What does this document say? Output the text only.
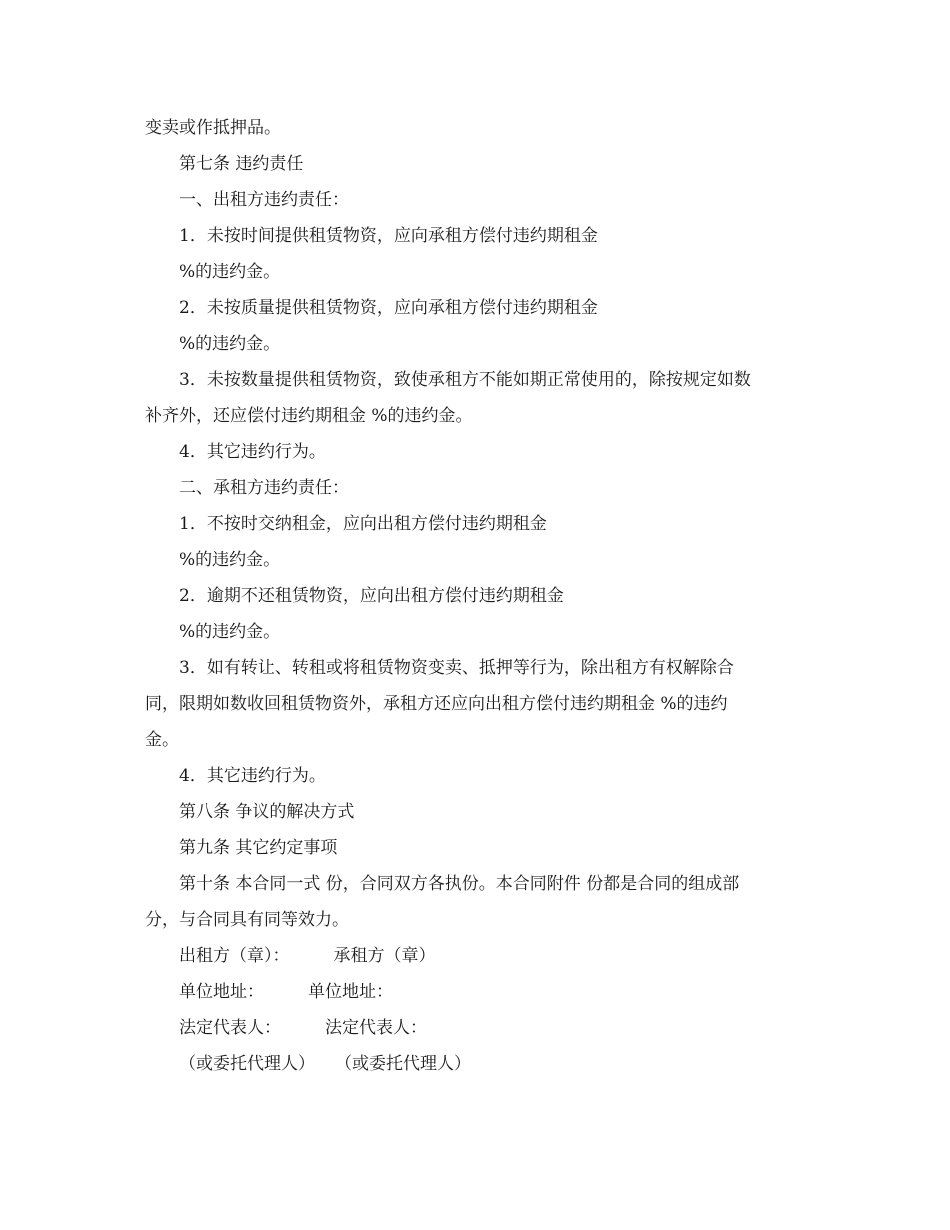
变卖或作抵押品。
第七条 违约责任
一、出租方违约责任：
1．未按时间提供租赁物资，应向承租方偿付违约期租金
%的违约金。
2．未按质量提供租赁物资，应向承租方偿付违约期租金
%的违约金。
3．未按数量提供租赁物资，致使承租方不能如期正常使用的，除按规定如数
补齐外，还应偿付违约期租金 %的违约金。
4．其它违约行为。
二、承租方违约责任：
1．不按时交纳租金，应向出租方偿付违约期租金
%的违约金。
2．逾期不还租赁物资，应向出租方偿付违约期租金
%的违约金。
3．如有转让、转租或将租赁物资变卖、抵押等行为，除出租方有权解除合
同，限期如数收回租赁物资外，承租方还应向出租方偿付违约期租金 %的违约
金。
4．其它违约行为。
第八条 争议的解决方式
第九条 其它约定事项
第十条 本合同一式 份，合同双方各执份。本合同附件 份都是合同的组成部
分，与合同具有同等效力。
出租方（章）：	承租方（章）
单位地址：	单位地址：
法定代表人：	法定代表人：
（或委托代理人） （或委托代理人）
